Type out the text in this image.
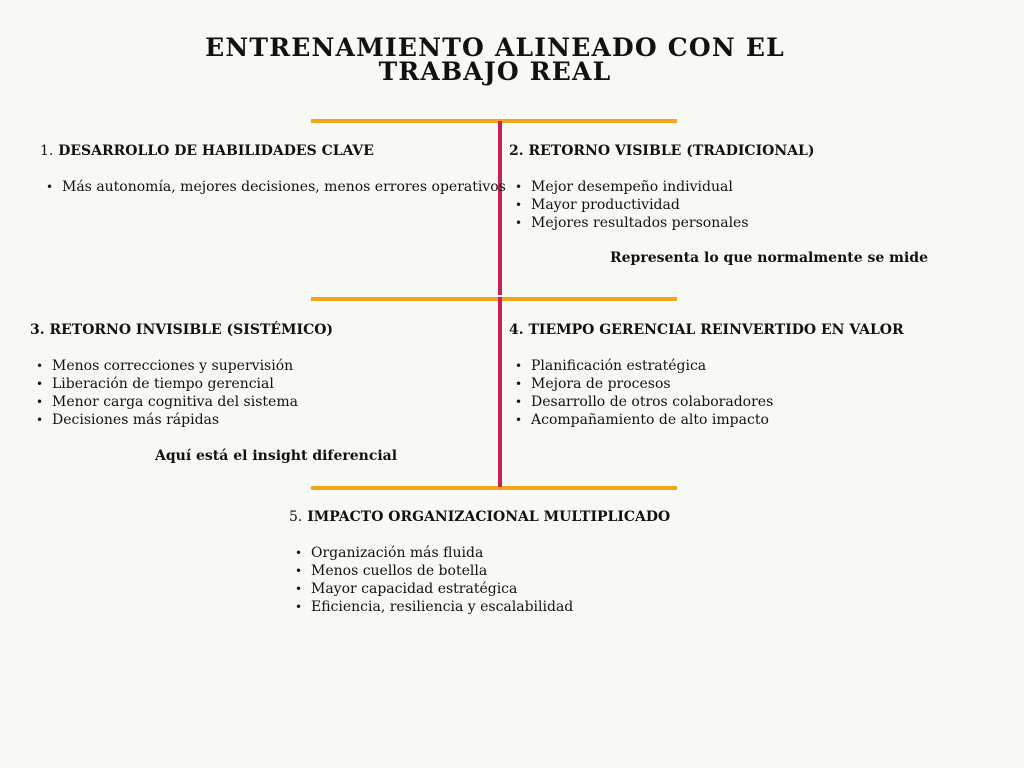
ENTRENAMIENTO ALINEADO CON EL TRABAJO REAL
1. DESARROLLO DE HABILIDADES CLAVE
• Más autonomía, mejores decisiones, menos errores operativos
2. RETORNO VISIBLE (TRADICIONAL)
• Mejor desempeño individual
• Mayor productividad
• Mejores resultados personales
Representa lo que normalmente se mide
3. RETORNO INVISIBLE (SISTÉMICO)
• Menos correcciones y supervisión
• Liberación de tiempo gerencial
• Menor carga cognitiva del sistema
• Decisiones más rápidas
Aquí está el insight diferencial
4. TIEMPO GERENCIAL REINVERTIDO EN VALOR
• Planificación estratégica
• Mejora de procesos
• Desarrollo de otros colaboradores
• Acompañamiento de alto impacto
5. IMPACTO ORGANIZACIONAL MULTIPLICADO
• Organización más fluida
• Menos cuellos de botella
• Mayor capacidad estratégica
• Eficiencia, resiliencia y escalabilidad
